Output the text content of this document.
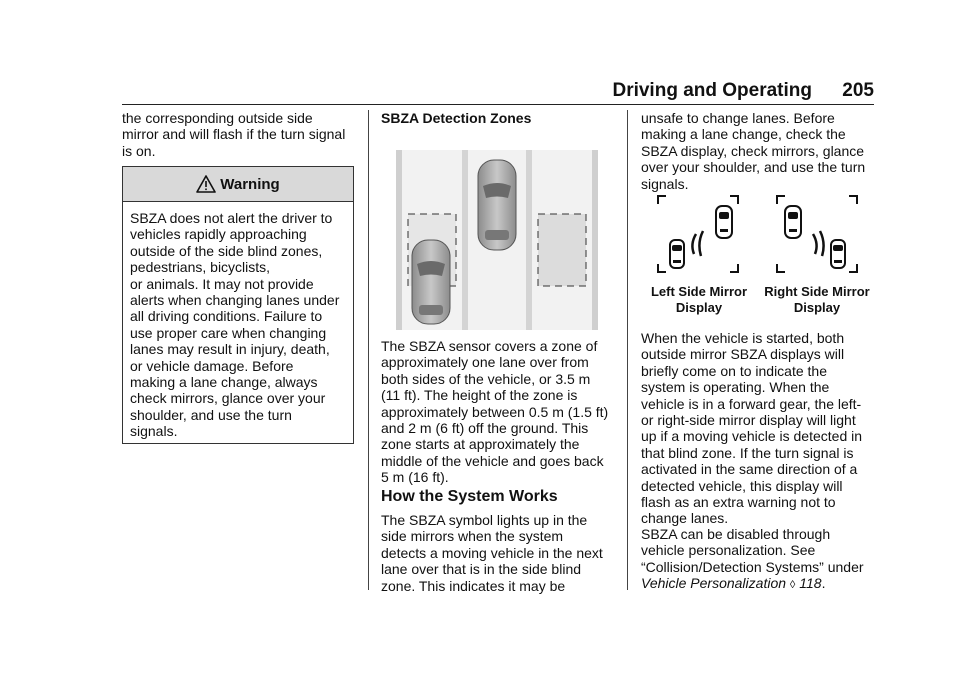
Driving and Operating 205
the corresponding outside side
mirror and will flash if the turn signal
is on.
Warning
SBZA does not alert the driver to
vehicles rapidly approaching
outside of the side blind zones,
pedestrians, bicyclists,
or animals. It may not provide
alerts when changing lanes under
all driving conditions. Failure to
use proper care when changing
lanes may result in injury, death,
or vehicle damage. Before
making a lane change, always
check mirrors, glance over your
shoulder, and use the turn
signals.
SBZA Detection Zones
The SBZA sensor covers a zone of
approximately one lane over from
both sides of the vehicle, or 3.5 m
(11 ft). The height of the zone is
approximately between 0.5 m (1.5 ft)
and 2 m (6 ft) off the ground. This
zone starts at approximately the
middle of the vehicle and goes back
5 m (16 ft).
How the System Works
The SBZA symbol lights up in the
side mirrors when the system
detects a moving vehicle in the next
lane over that is in the side blind
zone. This indicates it may be
unsafe to change lanes. Before
making a lane change, check the
SBZA display, check mirrors, glance
over your shoulder, and use the turn
signals.
Left Side Mirror
Display
Right Side Mirror
Display
When the vehicle is started, both
outside mirror SBZA displays will
briefly come on to indicate the
system is operating. When the
vehicle is in a forward gear, the left-
or right-side mirror display will light
up if a moving vehicle is detected in
that blind zone. If the turn signal is
activated in the same direction of a
detected vehicle, this display will
flash as an extra warning not to
change lanes.
SBZA can be disabled through
vehicle personalization. See
“Collision/Detection Systems” under
Vehicle Personalization ◊ 118.
